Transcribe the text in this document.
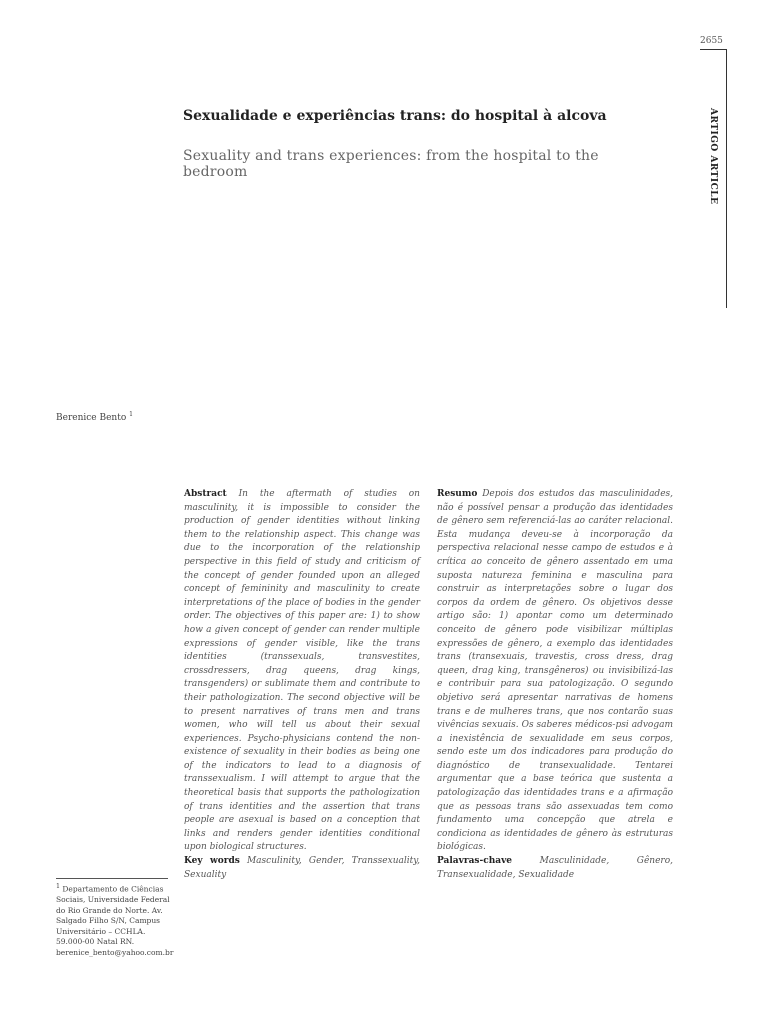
2655
ARTIGO ARTICLE
Sexualidade e experiências trans: do hospital à alcova
Sexuality and trans experiences: from the hospital to the bedroom
Berenice Bento $^1$
Abstract In the aftermath of studies on masculinity, it is impossible to consider the production of gender identities without linking them to the relationship aspect. This change was due to the incorporation of the relationship perspective in this field of study and criticism of the concept of gender founded upon an alleged concept of femininity and masculinity to create interpretations of the place of bodies in the gender order. The objectives of this paper are: 1) to show how a given concept of gender can render multiple expressions of gender visible, like the trans identities (transsexuals, transvestites, crossdressers, drag queens, drag kings, transgenders) or sublimate them and contribute to their pathologization. The second objective will be to present narratives of trans men and trans women, who will tell us about their sexual experiences. Psycho-physicians contend the non-existence of sexuality in their bodies as being one of the indicators to lead to a diagnosis of transsexualism. I will attempt to argue that the theoretical basis that supports the pathologization of trans identities and the assertion that trans people are asexual is based on a conception that links and renders gender identities conditional upon biological structures.
Key words Masculinity, Gender, Transsexuality, Sexuality
Resumo Depois dos estudos das masculinidades, não é possível pensar a produção das identidades de gênero sem referenciá-las ao caráter relacional. Esta mudança deveu-se à incorporação da perspectiva relacional nesse campo de estudos e à crítica ao conceito de gênero assentado em uma suposta natureza feminina e masculina para construir as interpretações sobre o lugar dos corpos da ordem de gênero. Os objetivos desse artigo são: 1) apontar como um determinado conceito de gênero pode visibilizar múltiplas expressões de gênero, a exemplo das identidades trans (transexuais, travestis, cross dress, drag queen, drag king, transgêneros) ou invisibilizá-las e contribuir para sua patologização. O segundo objetivo será apresentar narrativas de homens trans e de mulheres trans, que nos contarão suas vivências sexuais. Os saberes médicos-psi advogam a inexistência de sexualidade em seus corpos, sendo este um dos indicadores para produção do diagnóstico de transexualidade. Tentarei argumentar que a base teórica que sustenta a patologização das identidades trans e a afirmação que as pessoas trans são assexuadas tem como fundamento uma concepção que atrela e condiciona as identidades de gênero às estruturas biológicas.
Palavras-chave	Masculinidade, Gênero, Transexualidade, Sexualidade
$^1$ Departamento de Ciências Sociais, Universidade Federal do Rio Grande do Norte. Av. Salgado Filho S/N, Campus Universitário – CCHLA. 59.000-00 Natal RN. berenice_bento@yahoo.com.br
